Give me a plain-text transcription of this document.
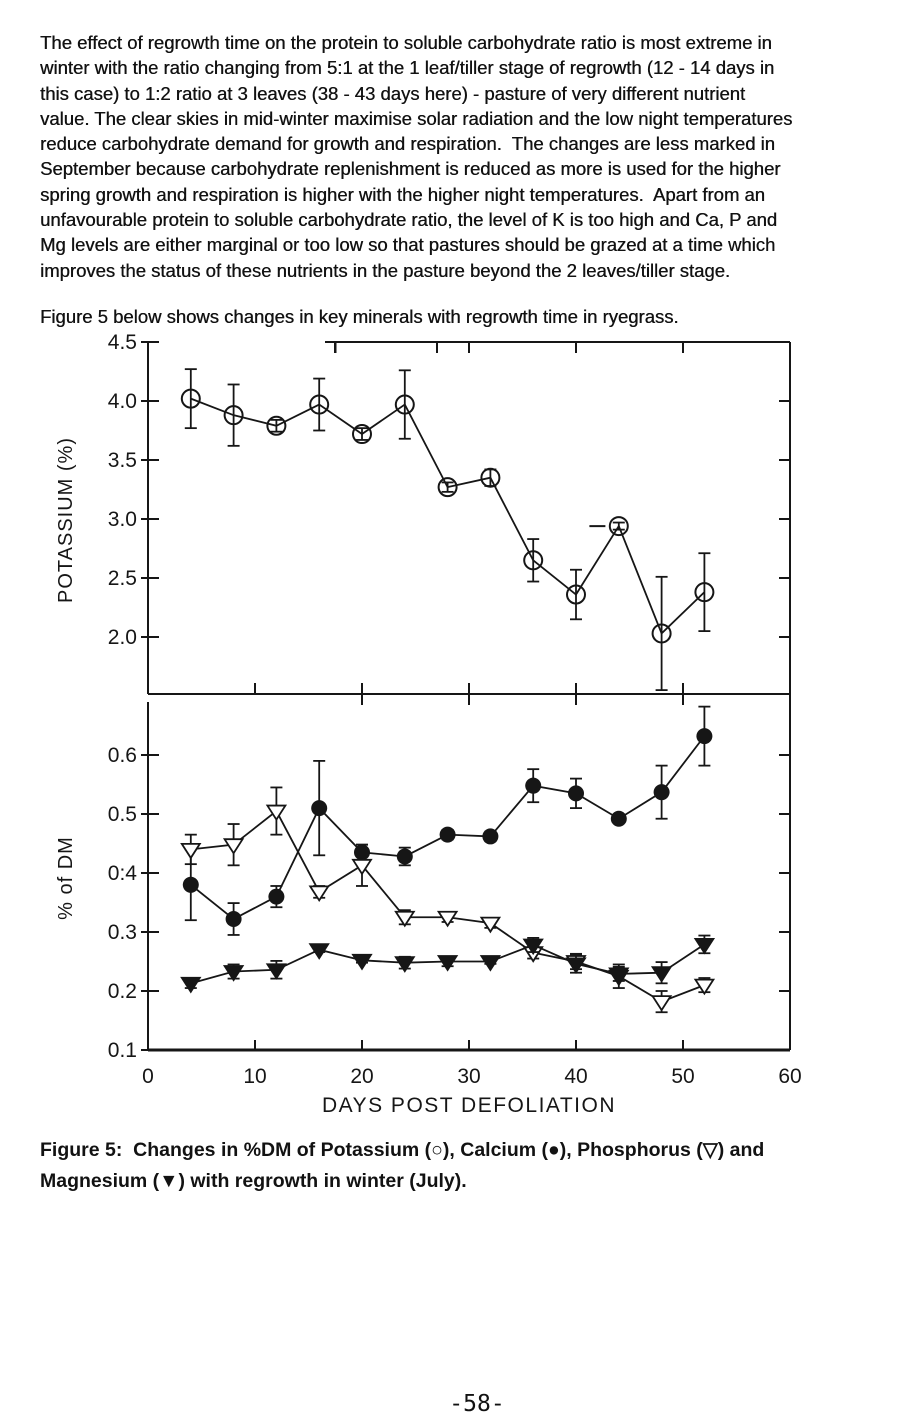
The effect of regrowth time on the protein to soluble carbohydrate ratio is most extreme in
winter with the ratio changing from 5:1 at the 1 leaf/tiller stage of regrowth (12 - 14 days in
this case) to 1:2 ratio at 3 leaves (38 - 43 days here) - pasture of very different nutrient
value. The clear skies in mid-winter maximise solar radiation and the low night temperatures
reduce carbohydrate demand for growth and respiration.  The changes are less marked in
September because carbohydrate replenishment is reduced as more is used for the higher
spring growth and respiration is higher with the higher night temperatures.  Apart from an
unfavourable protein to soluble carbohydrate ratio, the level of K is too high and Ca, P and
Mg levels are either marginal or too low so that pastures should be grazed at a time which
improves the status of these nutrients in the pasture beyond the 2 leaves/tiller stage.
Figure 5 below shows changes in key minerals with regrowth time in ryegrass.
4.5
4.0
3.5
3.0
2.5
2.0
0.6
0.5
0:4
0.3
0.2
0.1
0	10	20	30	40	50	60
DAYS POST DEFOLIATION
POTASSIUM (%)
% of DM
Figure 5:  Changes in %DM of Potassium (○), Calcium (●), Phosphorus (▽) and
Magnesium (▼) with regrowth in winter (July).
-58-
